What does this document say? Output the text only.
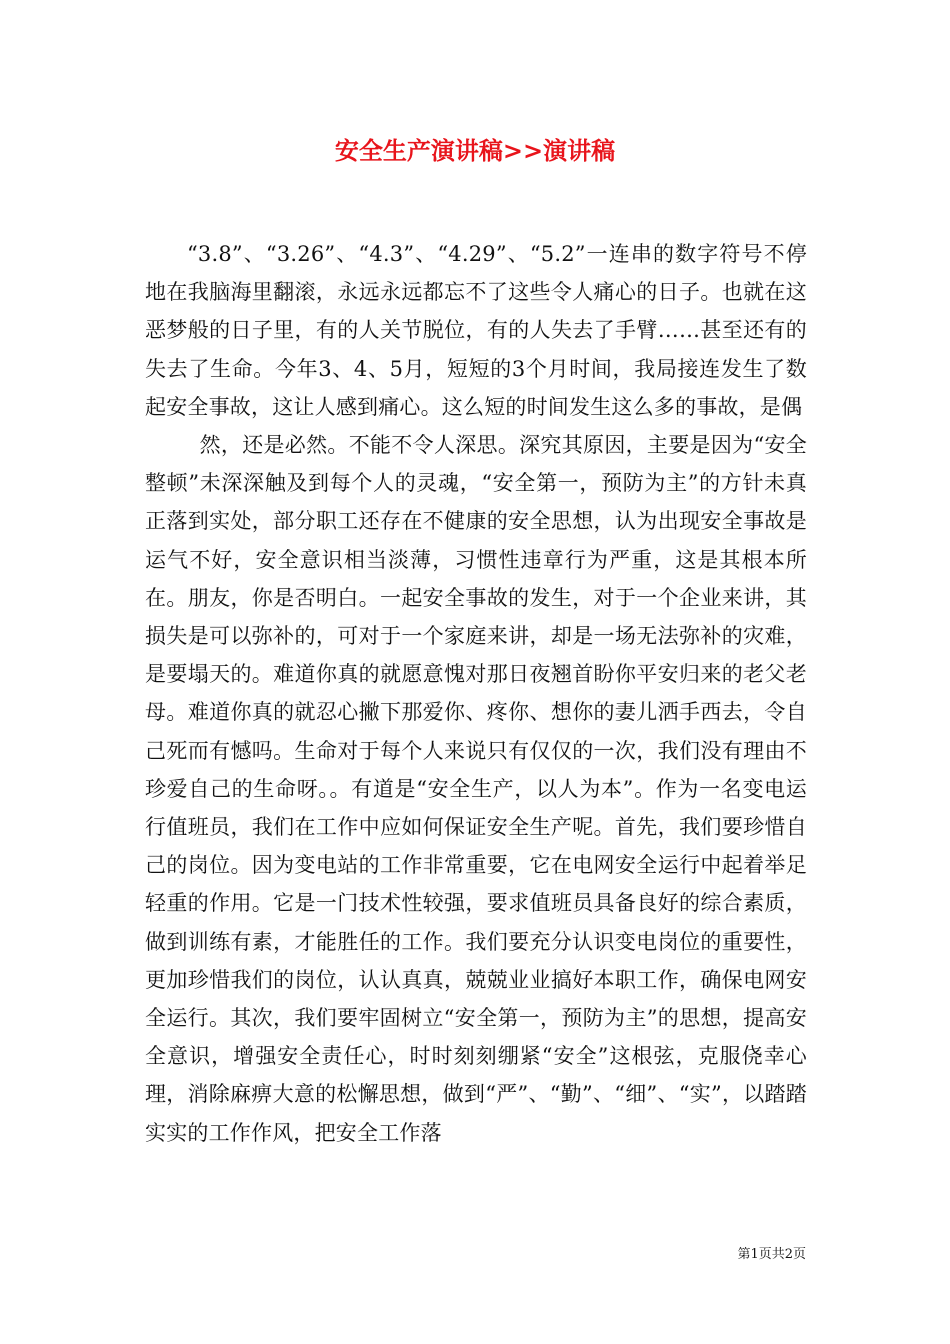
安全生产演讲稿>>演讲稿

“3.8”、“3.26”、“4.3”、“4.29”、“5.2”一连串的数字符号不停地在我脑海里翻滚，永远永远都忘不了这些令人痛心的日子。也就在这恶梦般的日子里，有的人关节脱位，有的人失去了手臂……甚至还有的失去了生命。今年3、4、5月，短短的3个月时间，我局接连发生了数起安全事故，这让人感到痛心。这么短的时间发生这么多的事故，是偶

然，还是必然。不能不令人深思。深究其原因，主要是因为“安全整顿”未深深触及到每个人的灵魂，“安全第一，预防为主”的方针未真正落到实处，部分职工还存在不健康的安全思想，认为出现安全事故是运气不好，安全意识相当淡薄，习惯性违章行为严重，这是其根本所在。朋友，你是否明白。一起安全事故的发生，对于一个企业来讲，其损失是可以弥补的，可对于一个家庭来讲，却是一场无法弥补的灾难，是要塌天的。难道你真的就愿意愧对那日夜翘首盼你平安归来的老父老母。难道你真的就忍心撇下那爱你、疼你、想你的妻儿洒手西去，令自己死而有憾吗。生命对于每个人来说只有仅仅的一次，我们没有理由不珍爱自己的生命呀。。有道是“安全生产，以人为本”。作为一名变电运行值班员，我们在工作中应如何保证安全生产呢。首先，我们要珍惜自己的岗位。因为变电站的工作非常重要，它在电网安全运行中起着举足轻重的作用。它是一门技术性较强，要求值班员具备良好的综合素质，做到训练有素，才能胜任的工作。我们要充分认识变电岗位的重要性，更加珍惜我们的岗位，认认真真，兢兢业业搞好本职工作，确保电网安全运行。其次，我们要牢固树立“安全第一，预防为主”的思想，提高安全意识，增强安全责任心，时时刻刻绷紧“安全”这根弦，克服侥幸心理，消除麻痹大意的松懈思想，做到“严”、“勤”、“细”、“实”，以踏踏实实的工作作风，把安全工作落

第1页共2页
